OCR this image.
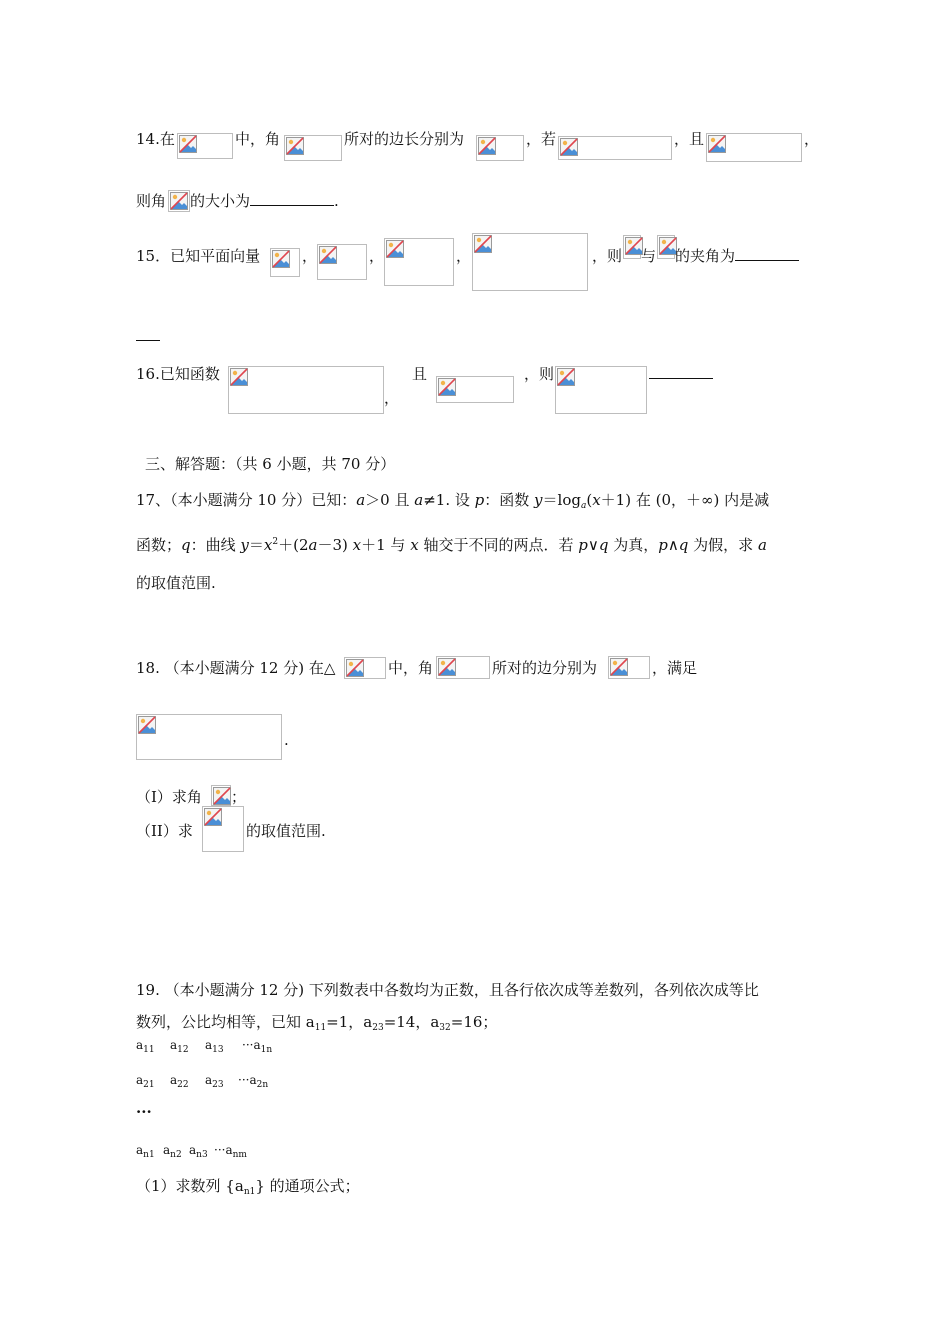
14.在	中，角	所对的边长分别为	，若	，且	，
则角 的大小为	.
15．已知平面向量	，	，	，	，则 与 的夹角为
16.已知函数
，
且	，则
三、解答题：（共 6 小题，共 70 分）
17、（本小题满分 10 分）已知：a＞0 且 a≠1. 设 p：函数 $y=\log_a(x+1)$ 在 (0，＋∞) 内是减
函数；q：曲线 $y=x^2+(2a-3)$ x＋1 与 x 轴交于不同的两点．若 p∨q 为真，p∧q 为假，求 a
的取值范围.
18. （本小题满分 12 分) 在△	中，角	所对的边分别为	，满足
.
（I）求角 ；
（II）求	的取值范围.
19. （本小题满分 12 分) 下列数表中各数均为正数，且各行依次成等差数列，各列依次成等比
数列，公比均相等，已知 $a_{11}=1$，$a_{23}=14$，$a_{32}=16$；
$a_{11}$ $a_{12}$ $a_{13} \cdot\cdot\cdot a_{1n}$
$a_{21}$ $a_{22}$ $a_{23} \cdot\cdot\cdot a_{2n}$
···
$a_{n1}$ $a_{n2}$ $a_{n3} \cdot\cdot\cdot a_{nm}$
（1）求数列 $\{a_{n1}\}$ 的通项公式；
